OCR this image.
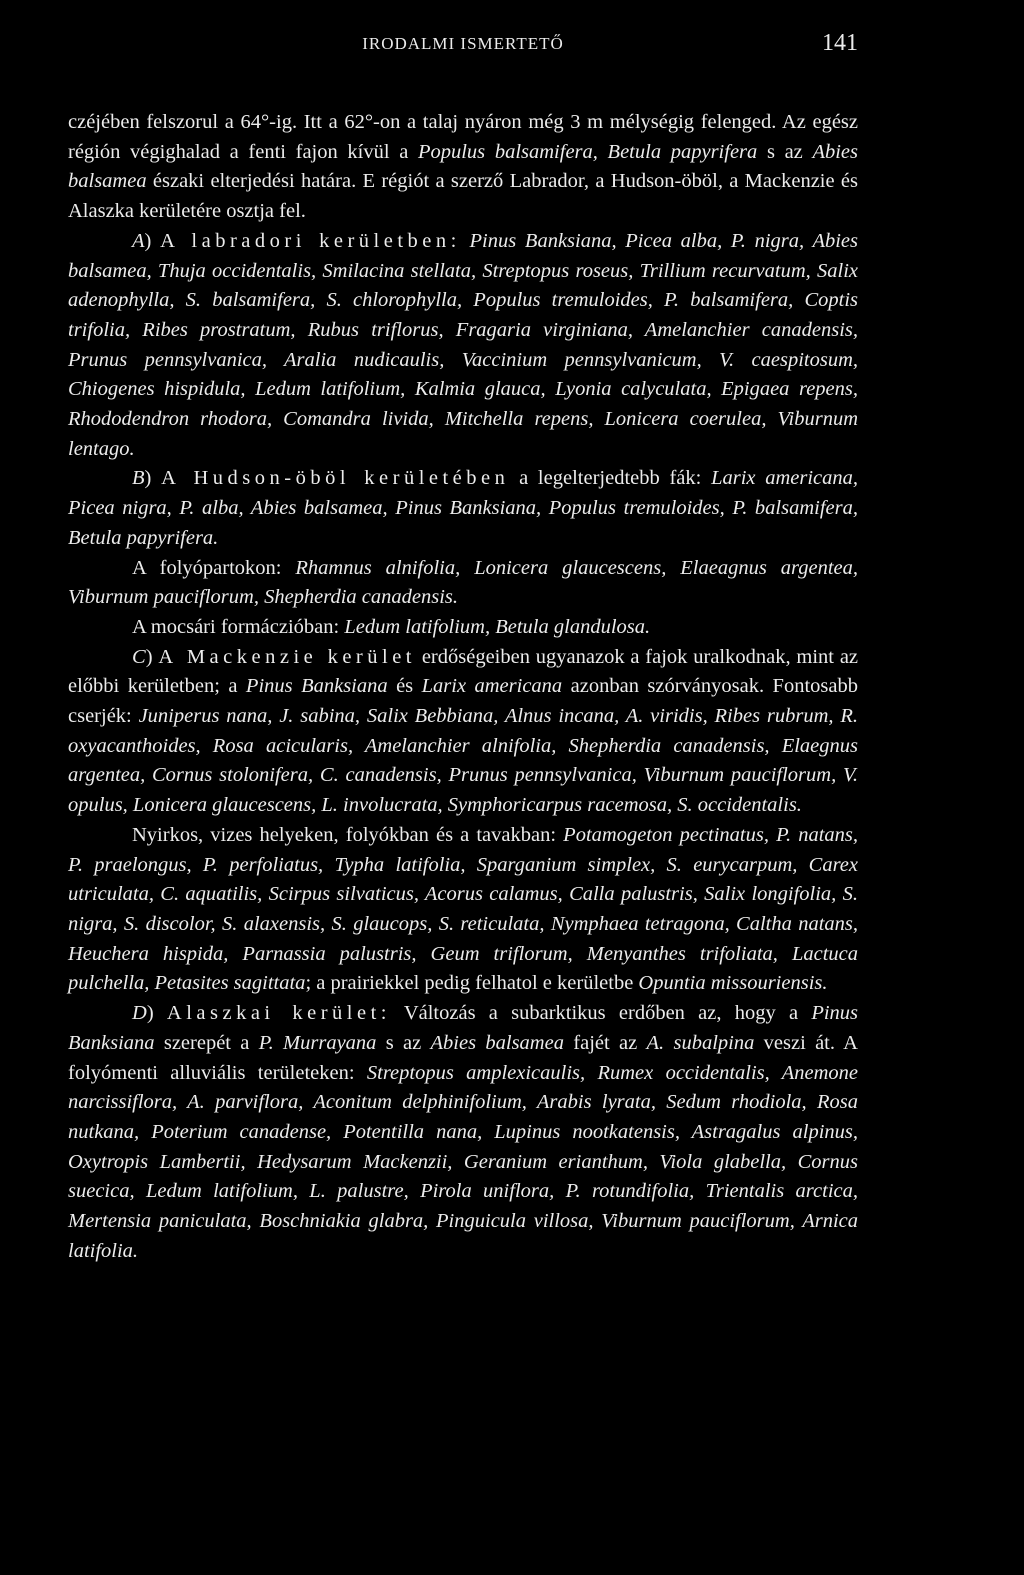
IRODALMI ISMERTETŐ	141

czéjében felszorul a 64°-ig. Itt a 62°-on a talaj nyáron még 3 m mélységig felenged. Az egész régión végighalad a fenti fajon kívül a Populus balsamifera, Betula papyrifera s az Abies balsamea északi elterjedési határa. E régiót a szerző Labrador, a Hudson-öböl, a Mackenzie és Alaszka kerületére osztja fel.

A) A labradori kerületben: Pinus Banksiana, Picea alba, P. nigra, Abies balsamea, Thuja occidentalis, Smilacina stellata, Streptopus roseus, Trillium recurvatum, Salix adenophylla, S. balsamifera, S. chlorophylla, Populus tremuloides, P. balsamifera, Coptis trifolia, Ribes prostratum, Rubus triflorus, Fragaria virginiana, Amelanchier canadensis, Prunus pennsylvanica, Aralia nudicaulis, Vaccinium pennsylvanicum, V. caespitosum, Chiogenes hispidula, Ledum latifolium, Kalmia glauca, Lyonia calyculata, Epigaea repens, Rhododendron rhodora, Comandra livida, Mitchella repens, Lonicera coerulea, Viburnum lentago.

B) A Hudson-öböl kerületében a legelterjedtebb fák: Larix americana, Picea nigra, P. alba, Abies balsamea, Pinus Banksiana, Populus tremuloides, P. balsamifera, Betula papyrifera.

A folyópartokon: Rhamnus alnifolia, Lonicera glaucescens, Elaeagnus argentea, Viburnum pauciflorum, Shepherdia canadensis.

A mocsári formáczióban: Ledum latifolium, Betula glandulosa.

C) A Mackenzie kerület erdőségeiben ugyanazok a fajok uralkodnak, mint az előbbi kerületben; a Pinus Banksiana és Larix americana azonban szórványosak. Fontosabb cserjék: Juniperus nana, J. sabina, Salix Bebbiana, Alnus incana, A. viridis, Ribes rubrum, R. oxyacanthoides, Rosa acicularis, Amelanchier alnifolia, Shepherdia canadensis, Elaegnus argentea, Cornus stolonifera, C. canadensis, Prunus pennsylvanica, Viburnum pauciflorum, V. opulus, Lonicera glaucescens, L. involucrata, Symphoricarpus racemosa, S. occidentalis.

Nyirkos, vizes helyeken, folyókban és a tavakban: Potamogeton pectinatus, P. natans, P. praelongus, P. perfoliatus, Typha latifolia, Sparganium simplex, S. eurycarpum, Carex utriculata, C. aquatilis, Scirpus silvaticus, Acorus calamus, Calla palustris, Salix longifolia, S. nigra, S. discolor, S. alaxensis, S. glaucops, S. reticulata, Nymphaea tetragona, Caltha natans, Heuchera hispida, Parnassia palustris, Geum triflorum, Menyanthes trifoliata, Lactuca pulchella, Petasites sagittata; a prairiekkel pedig felhatol e kerületbe Opuntia missouriensis.

D) Alaszkai kerület: Változás a subarktikus erdőben az, hogy a Pinus Banksiana szerepét a P. Murrayana s az Abies balsamea fajét az A. subalpina veszi át. A folyómenti alluviális területeken: Streptopus amplexicaulis, Rumex occidentalis, Anemone narcissiflora, A. parviflora, Aconitum delphinifolium, Arabis lyrata, Sedum rhodiola, Rosa nutkana, Poterium canadense, Potentilla nana, Lupinus nootkatensis, Astragalus alpinus, Oxytropis Lambertii, Hedysarum Mackenzii, Geranium erianthum, Viola glabella, Cornus suecica, Ledum latifolium, L. palustre, Pirola uniflora, P. rotundifolia, Trientalis arctica, Mertensia paniculata, Boschniakia glabra, Pinguicula villosa, Viburnum pauciflorum, Arnica latifolia.
